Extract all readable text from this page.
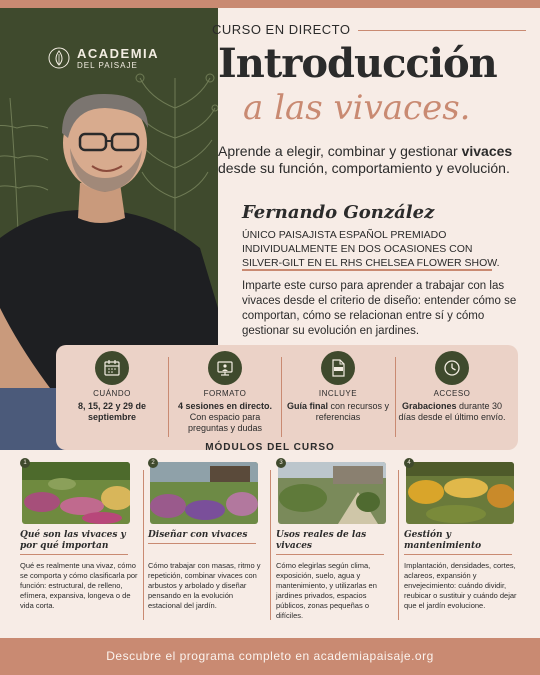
ACADEMIA
DEL PAISAJE
CURSO EN DIRECTO
Introducción
a las vivaces.
Aprende a elegir, combinar y gestionar vivaces desde su función, comportamiento y evolución.
Fernando González
ÚNICO PAISAJISTA ESPAÑOL PREMIADO INDIVIDUALMENTE EN DOS OCASIONES CON SILVER-GILT EN EL RHS CHELSEA FLOWER SHOW.
Imparte este curso para aprender a trabajar con las vivaces desde el criterio de diseño: entender cómo se comportan, cómo se relacionan entre sí y cómo gestionar su evolución en jardines.
CUÁNDO
8, 15, 22 y 29 de septiembre
FORMATO
4 sesiones en directo. Con espacio para preguntas y dudas
INCLUYE
Guía final con recursos y referencias
ACCESO
Grabaciones durante 30 días desde el último envío.
MÓDULOS DEL CURSO
1
Qué son las vivaces y por qué importan
Qué es realmente una vivaz, cómo se comporta y cómo clasificarla por función: estructural, de relleno, efímera, expansiva, longeva o de vida corta.
2
Diseñar con vivaces
Cómo trabajar con masas, ritmo y repetición, combinar vivaces con arbustos y arbolado y diseñar pensando en la evolución estacional del jardín.
3
Usos reales de las vivaces
Cómo elegirlas según clima, exposición, suelo, agua y mantenimiento, y utilizarlas en jardines privados, espacios públicos, zonas pequeñas o difíciles.
4
Gestión y mantenimiento
Implantación, densidades, cortes, aclareos, expansión y envejecimiento: cuándo dividir, reubicar o sustituir y cuándo dejar que el jardín evolucione.
Descubre el programa completo en academiapaisaje.org
